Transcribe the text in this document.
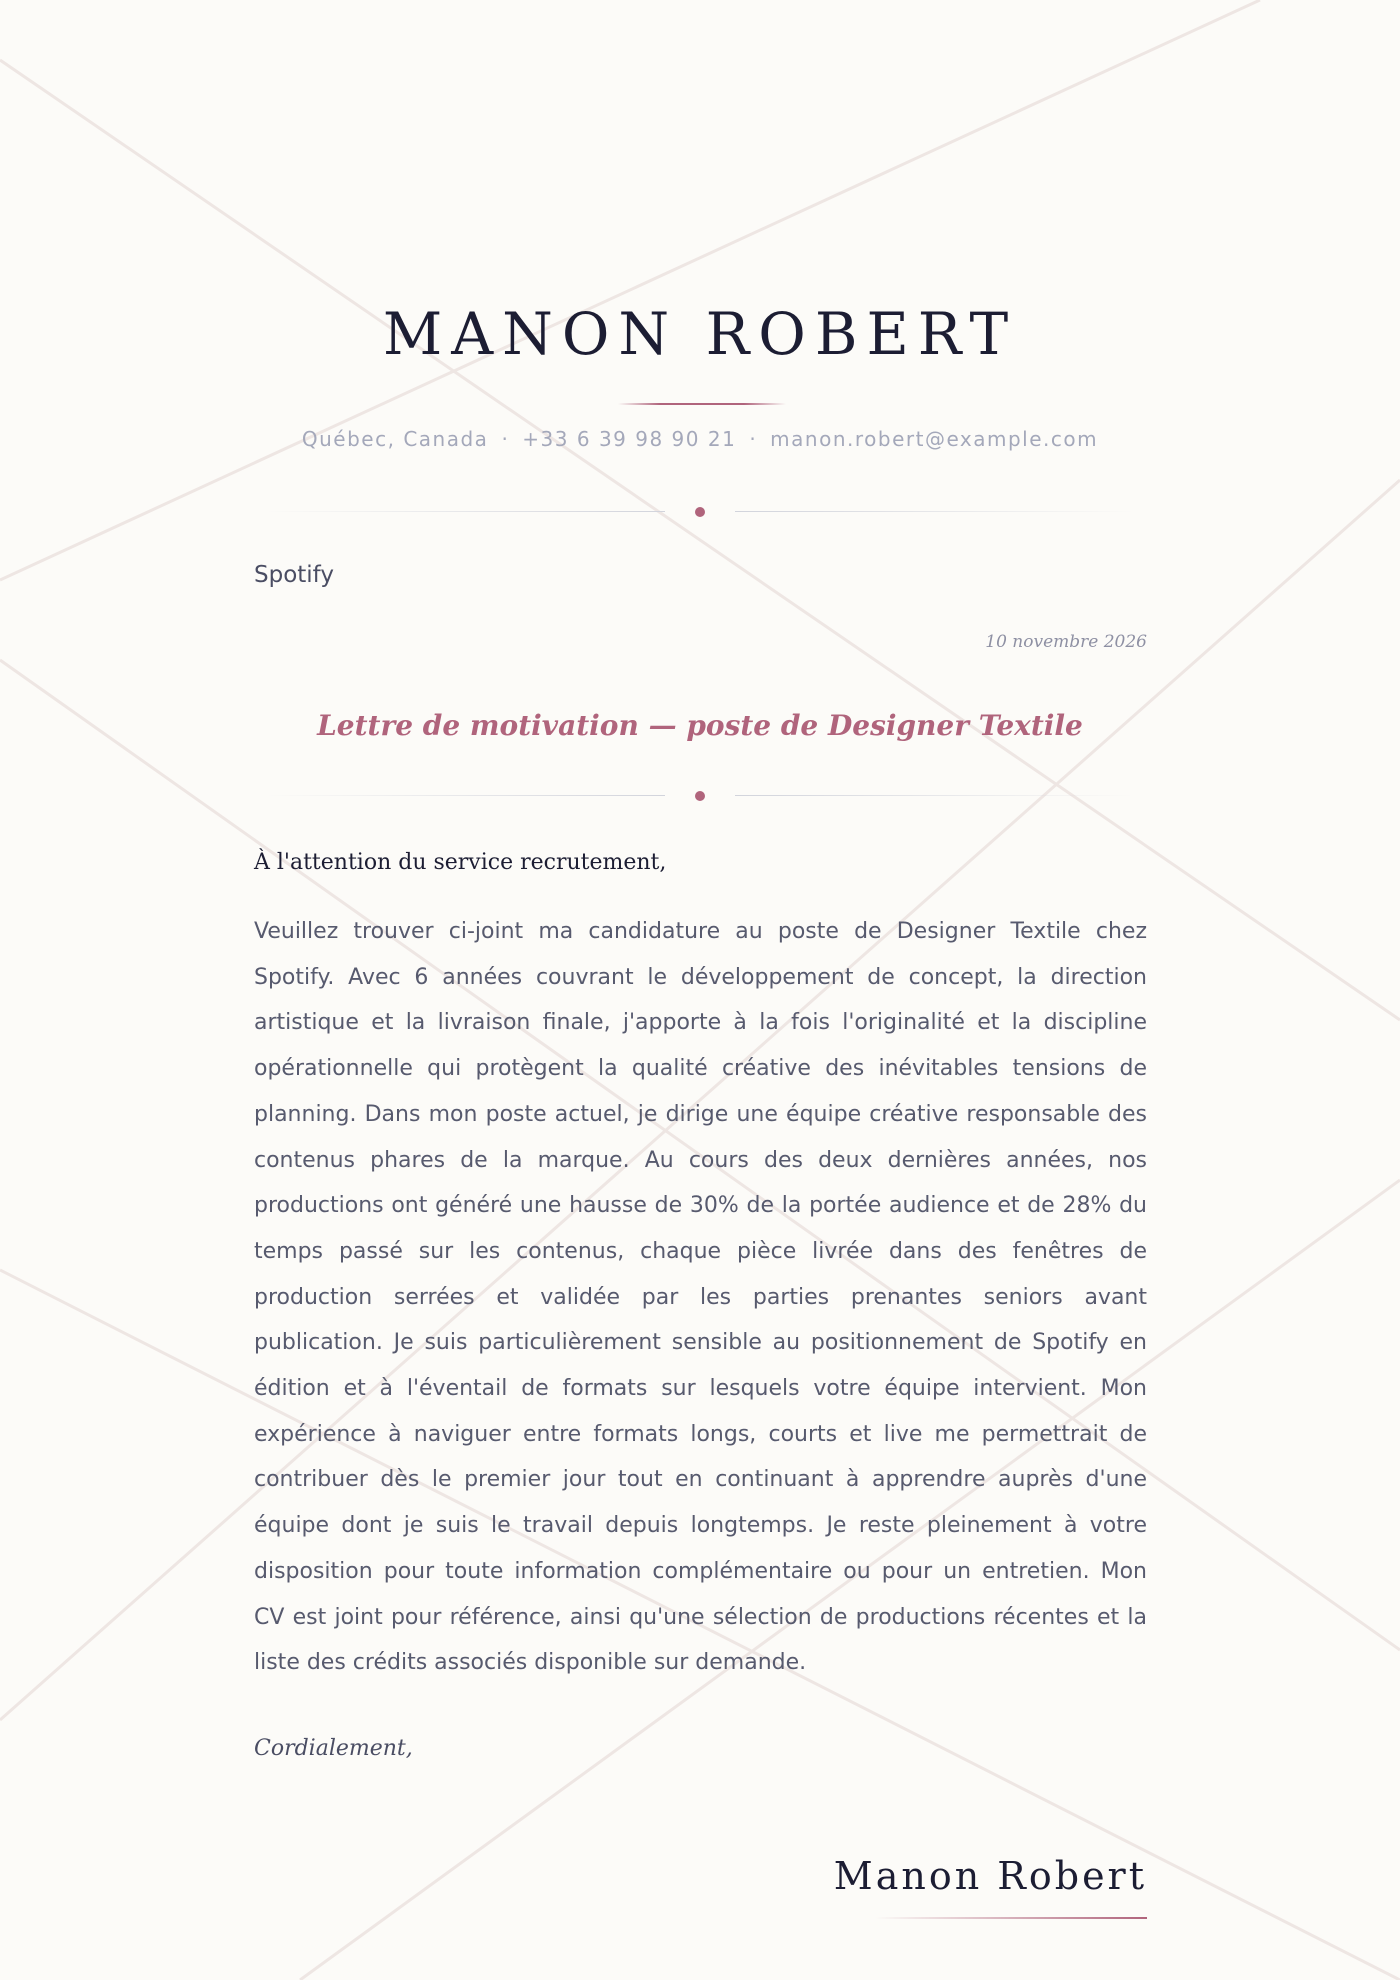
MANON ROBERT
Québec, Canada · +33 6 39 98 90 21 · manon.robert@example.com
Spotify
10 novembre 2026
Lettre de motivation — poste de Designer Textile
À l'attention du service recrutement,

Veuillez trouver ci-joint ma candidature au poste de Designer Textile chez Spotify. Avec 6 années couvrant le développement de concept, la direction artistique et la livraison finale, j'apporte à la fois l'originalité et la discipline opérationnelle qui protègent la qualité créative des inévitables tensions de planning. Dans mon poste actuel, je dirige une équipe créative responsable des contenus phares de la marque. Au cours des deux dernières années, nos productions ont généré une hausse de 30% de la portée audience et de 28% du temps passé sur les contenus, chaque pièce livrée dans des fenêtres de production serrées et validée par les parties prenantes seniors avant publication. Je suis particulièrement sensible au positionnement de Spotify en édition et à l'éventail de formats sur lesquels votre équipe intervient. Mon expérience à naviguer entre formats longs, courts et live me permettrait de contribuer dès le premier jour tout en continuant à apprendre auprès d'une équipe dont je suis le travail depuis longtemps. Je reste pleinement à votre disposition pour toute information complémentaire ou pour un entretien. Mon CV est joint pour référence, ainsi qu'une sélection de productions récentes et la liste des crédits associés disponible sur demande.

Cordialement,
Manon Robert
